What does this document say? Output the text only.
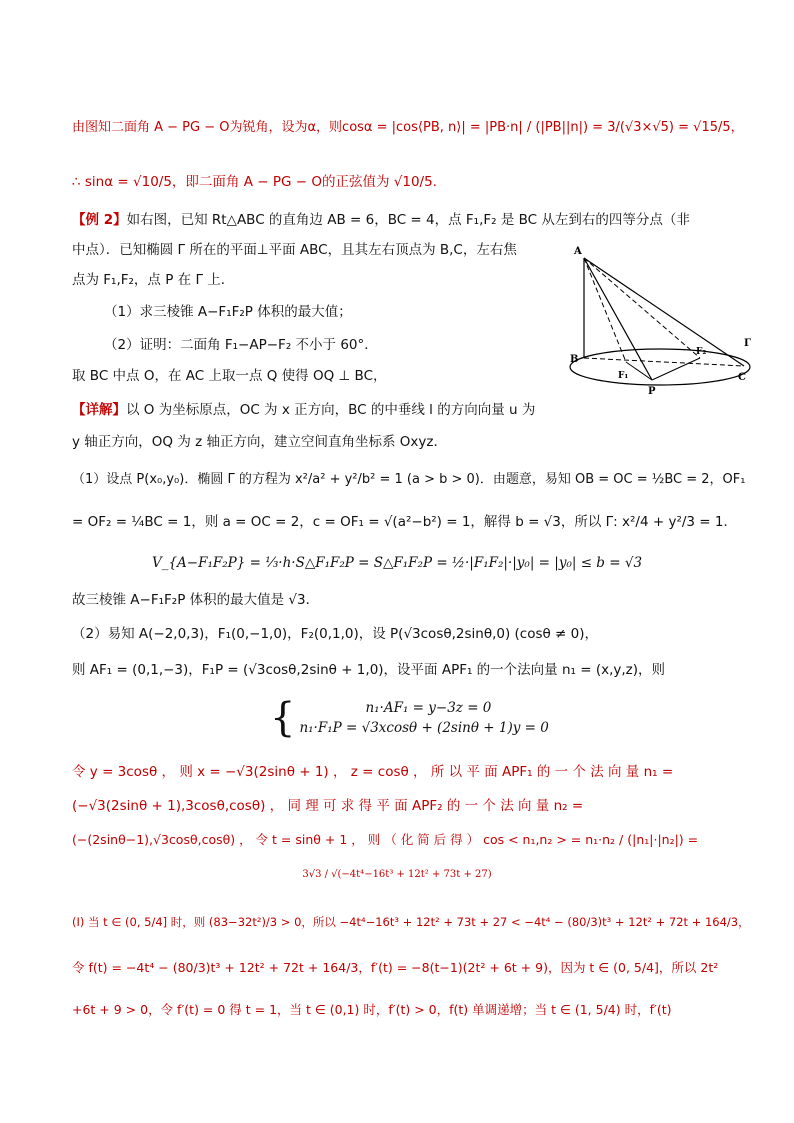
由图知二面角 A − PG − O为锐角，设为α，则cosα = |cos⟨PB, n⟩| = |PB·n| / (|PB||n|) = 3/(√3×√5) = √15/5，
∴ sinα = √10/5，即二面角 A − PG − O的正弦值为 √10/5.
【例 2】如右图，已知 Rt△ABC 的直角边 AB = 6，BC = 4，点 F₁,F₂ 是 BC 从左到右的四等分点（非
中点）．已知椭圆 Γ 所在的平面⊥平面 ABC，且其左右顶点为 B,C，左右焦
点为 F₁,F₂，点 P 在 Γ 上．
（1）求三棱锥 A−F₁F₂P 体积的最大值；
（2）证明：二面角 F₁−AP−F₂ 不小于 60°．
取 BC 中点 O，在 AC 上取一点 Q 使得 OQ ⊥ BC，
A
B
C
P
F₁
F₂
Γ
【详解】以 O 为坐标原点，OC 为 x 正方向，BC 的中垂线 l 的方向向量 u 为
y 轴正方向，OQ 为 z 轴正方向，建立空间直角坐标系 Oxyz．
（1）设点 P(x₀,y₀)．椭圆 Γ 的方程为 x²/a² + y²/b² = 1 (a > b > 0)．由题意，易知 OB = OC = ½BC = 2，OF₁
= OF₂ = ¼BC = 1，则 a = OC = 2，c = OF₁ = √(a²−b²) = 1，解得 b = √3，所以 Γ: x²/4 + y²/3 = 1．
V_{A−F₁F₂P} = ⅓·h·S△F₁F₂P = S△F₁F₂P = ½·|F₁F₂|·|y₀| = |y₀| ≤ b = √3
故三棱锥 A−F₁F₂P 体积的最大值是 √3．
（2）易知 A(−2,0,3)，F₁(0,−1,0)，F₂(0,1,0)，设 P(√3cosθ,2sinθ,0) (cosθ ≠ 0)，
则 AF₁ = (0,1,−3)，F₁P = (√3cosθ,2sinθ + 1,0)，设平面 APF₁ 的一个法向量 n₁ = (x,y,z)，则
{	n₁·AF₁ = y−3z = 0
n₁·F₁P = √3xcosθ + (2sinθ + 1)y = 0
令 y = 3cosθ ， 则 x = −√3(2sinθ + 1) ， z = cosθ ， 所 以 平 面 APF₁ 的 一 个 法 向 量 n₁ =
(−√3(2sinθ + 1),3cosθ,cosθ) ， 同 理 可 求 得 平 面 APF₂ 的 一 个 法 向 量 n₂ =
(−(2sinθ−1),√3cosθ,cosθ) ， 令 t = sinθ + 1 ， 则 （ 化 简 后 得 ） cos < n₁,n₂ > = n₁·n₂ / (|n₁|·|n₂|) =
3√3 / √(−4t⁴−16t³ + 12t² + 73t + 27)
(Ⅰ) 当 t ∈ (0, 5/4] 时，则 (83−32t²)/3 > 0，所以 −4t⁴−16t³ + 12t² + 73t + 27 < −4t⁴ − (80/3)t³ + 12t² + 72t + 164/3，
令 f(t) = −4t⁴ − (80/3)t³ + 12t² + 72t + 164/3，f′(t) = −8(t−1)(2t² + 6t + 9)，因为 t ∈ (0, 5/4]，所以 2t²
+6t + 9 > 0，令 f′(t) = 0 得 t = 1，当 t ∈ (0,1) 时，f′(t) > 0，f(t) 单调递增；当 t ∈ (1, 5/4) 时，f′(t)
